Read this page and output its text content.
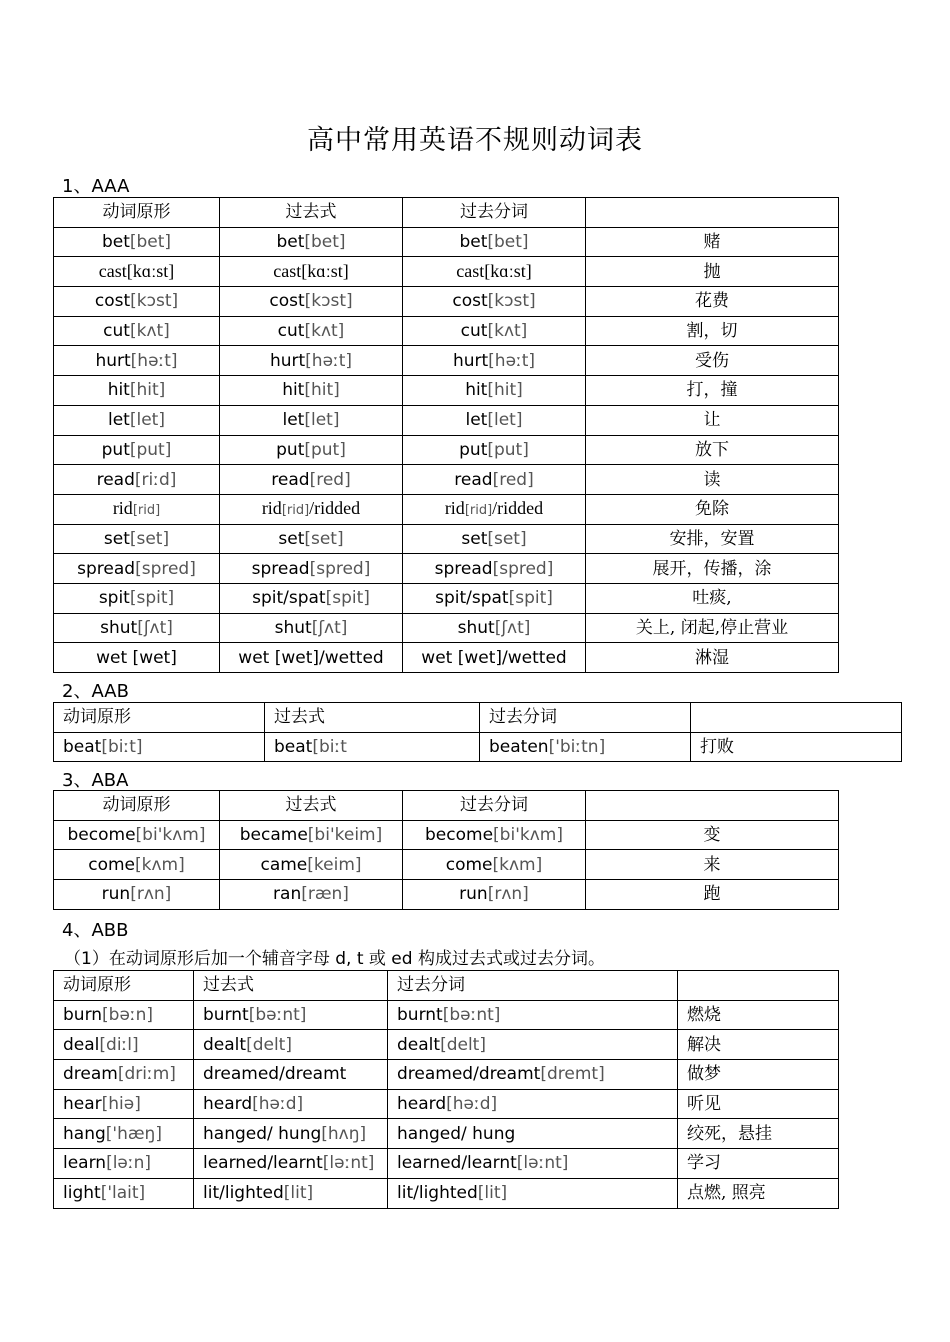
高中常用英语不规则动词表
1、AAA
动词原形	过去式	过去分词	
bet[bet]	bet[bet]	bet[bet]	赌
cast[kɑːst]	cast[kɑːst]	cast[kɑːst]	抛
cost[kɔst]	cost[kɔst]	cost[kɔst]	花费
cut[kʌt]	cut[kʌt]	cut[kʌt]	割，切
hurt[həːt]	hurt[həːt]	hurt[həːt]	受伤
hit[hit]	hit[hit]	hit[hit]	打，撞
let[let]	let[let]	let[let]	让
put[put]	put[put]	put[put]	放下
read[riːd]	read[red]	read[red]	读
rid[rid]	rid[rid]/ridded	rid[rid]/ridded	免除
set[set]	set[set]	set[set]	安排，安置
spread[spred]	spread[spred]	spread[spred]	展开，传播，涂
spit[spit]	spit/spat[spit]	spit/spat[spit]	吐痰,
shut[ʃʌt]	shut[ʃʌt]	shut[ʃʌt]	关上, 闭起,停止营业
wet [wet]	wet [wet]/wetted	wet [wet]/wetted	淋湿
2、AAB
动词原形	过去式	过去分词	
beat[biːt]	beat[biːt	beaten['biːtn]	打败
3、ABA
动词原形	过去式	过去分词	
become[bi'kʌm]	became[bi'keim]	become[bi'kʌm]	变
come[kʌm]	came[keim]	come[kʌm]	来
run[rʌn]	ran[ræn]	run[rʌn]	跑
4、ABB
（1）在动词原形后加一个辅音字母 d, t 或 ed 构成过去式或过去分词。
动词原形	过去式	过去分词	
burn[bəːn]	burnt[bəːnt]	burnt[bəːnt]	燃烧
deal[diːl]	dealt[delt]	dealt[delt]	解决
dream[driːm]	dreamed/dreamt	dreamed/dreamt[dremt]	做梦
hear[hiə]	heard[həːd]	heard[həːd]	听见
hang['hæŋ]	hanged/ hung[hʌŋ]	hanged/ hung	绞死，悬挂
learn[ləːn]	learned/learnt[ləːnt]	learned/learnt[ləːnt]	学习
light['lait]	lit/lighted[lit]	lit/lighted[lit]	点燃, 照亮
